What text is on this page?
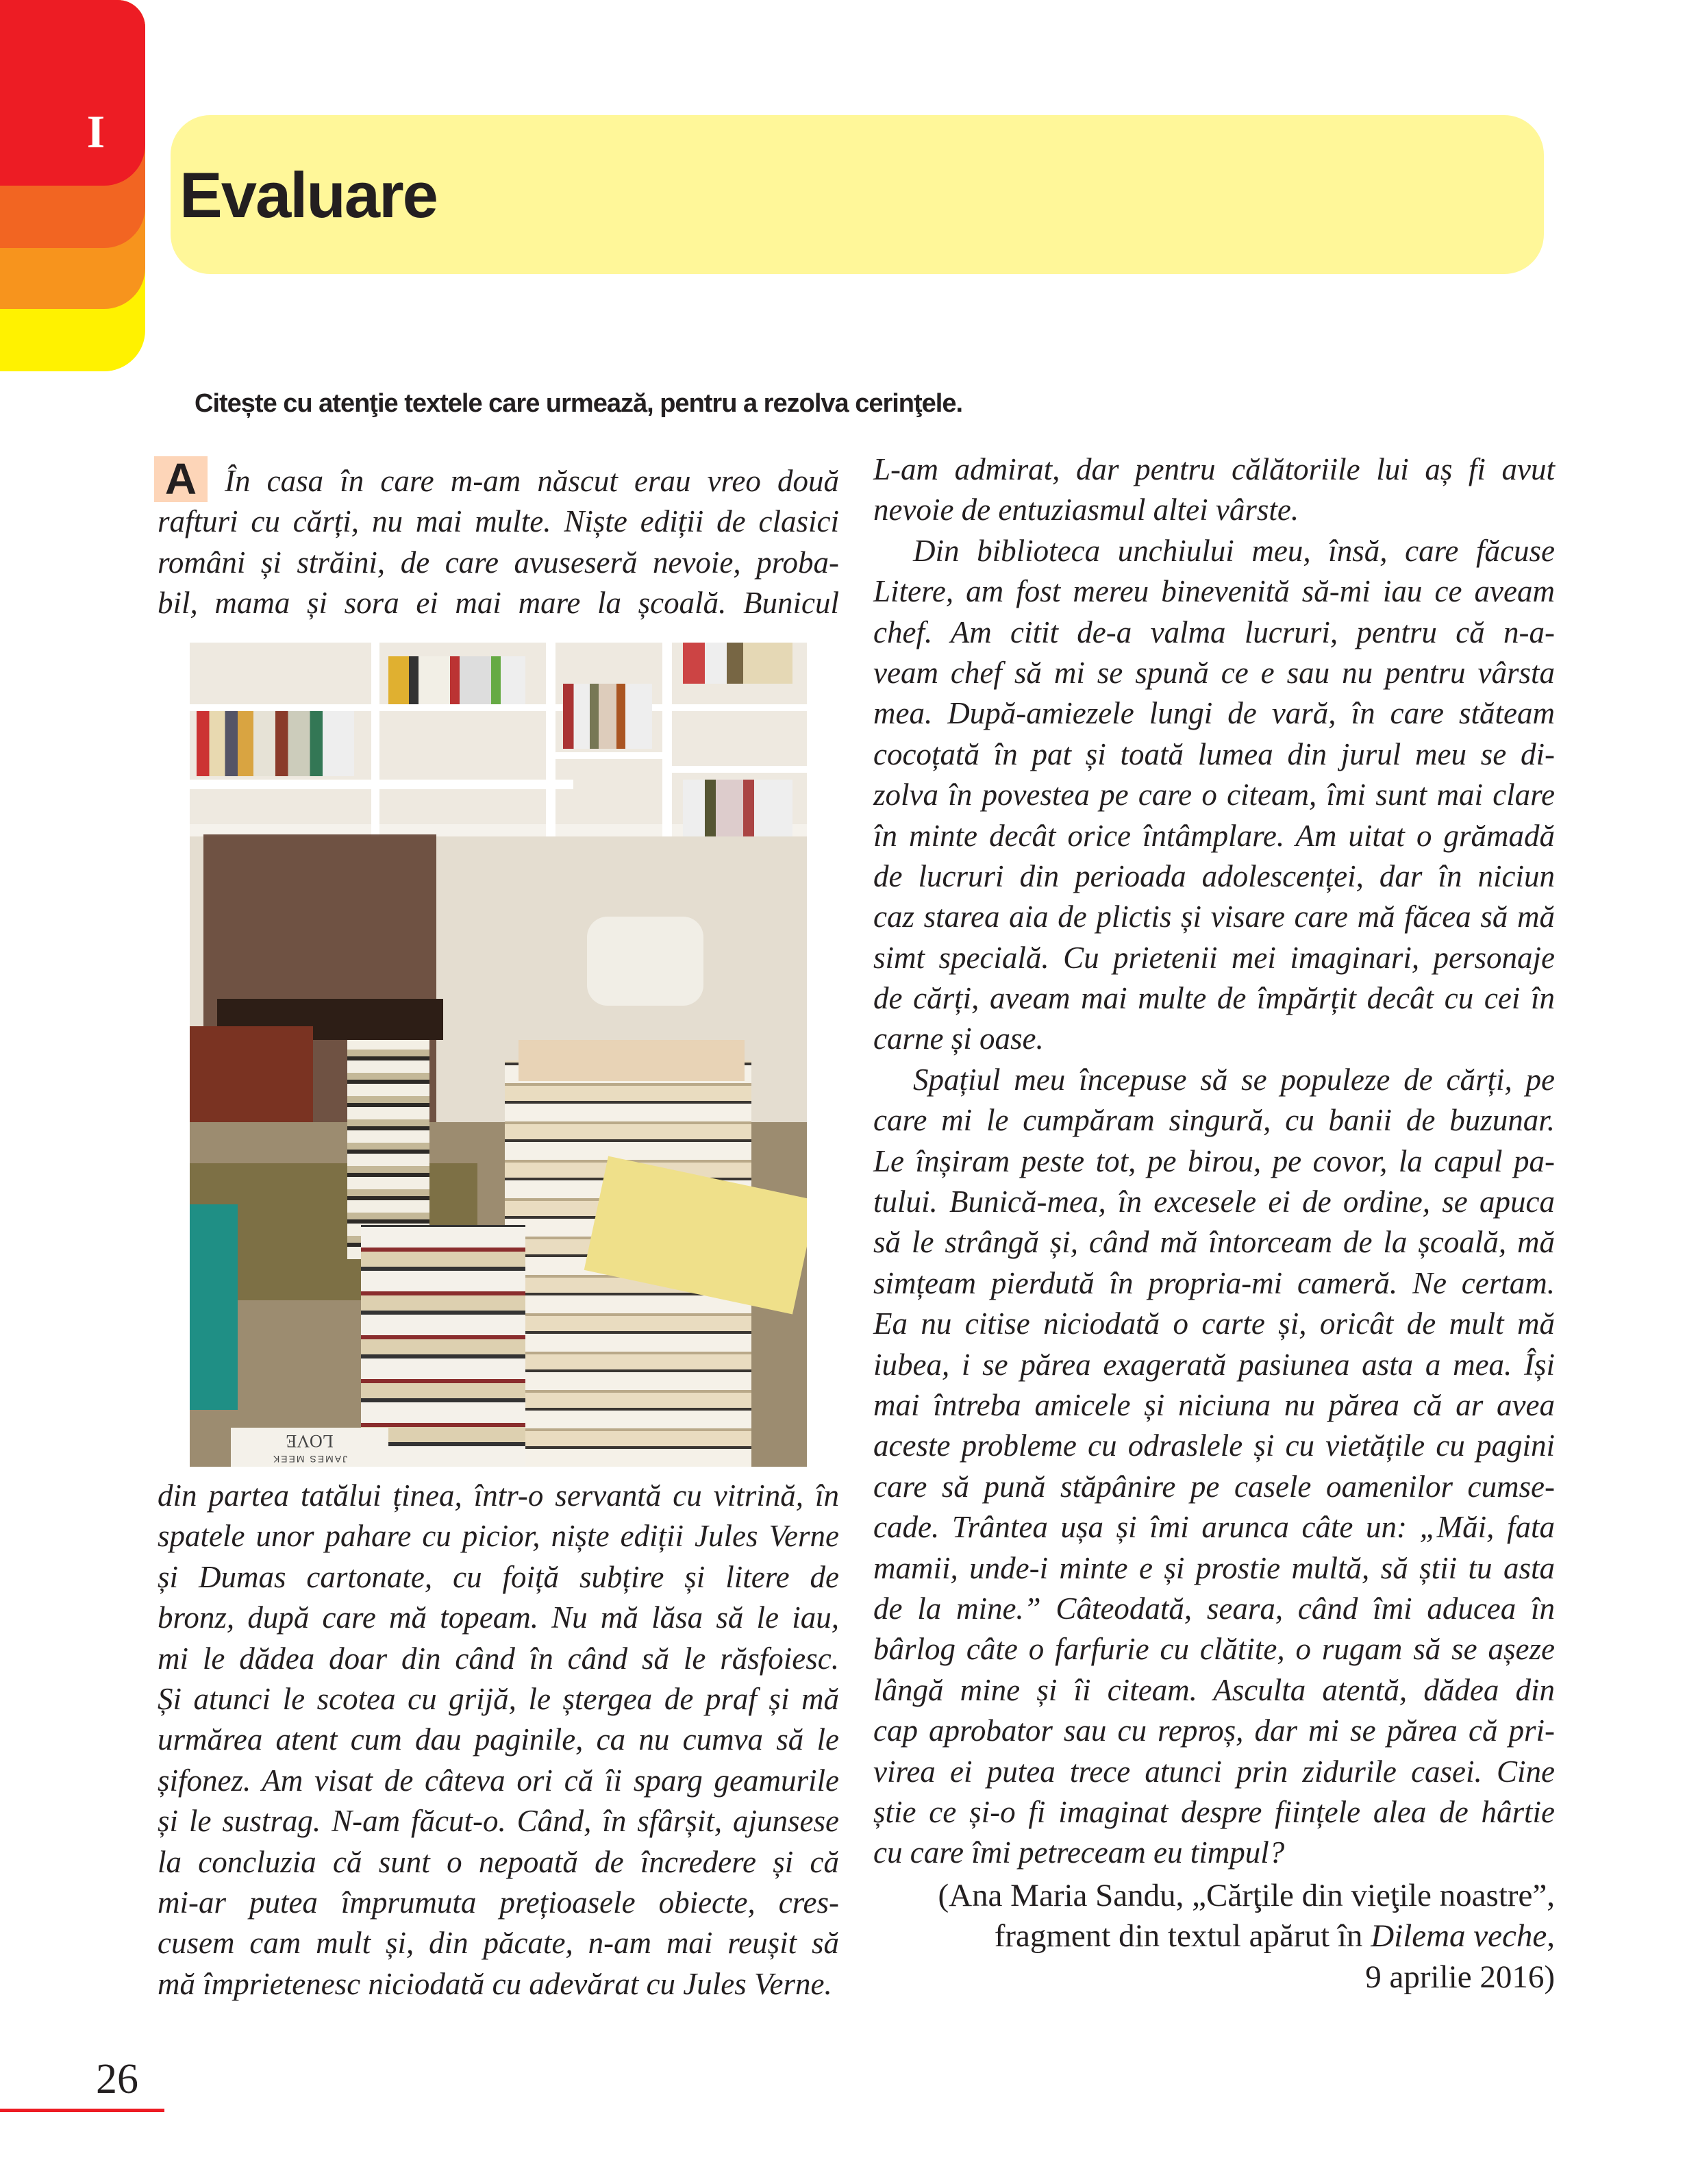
I
Evaluare
Citește cu atenţie textele care urmează, pentru a rezolva cerinţele.
A În casa în care m-am născut erau vreo două
rafturi cu cărți, nu mai multe. Niște ediții de clasici
români și străini, de care avuseseră nevoie, proba-
bil, mama și sora ei mai mare la școală. Bunicul
JAMES MEEK
LOVE
din partea tatălui ținea, într-o servantă cu vitrină, în
spatele unor pahare cu picior, niște ediții Jules Verne
și Dumas cartonate, cu foiță subțire și litere de
bronz, după care mă topeam. Nu mă lăsa să le iau,
mi le dădea doar din când în când să le răsfoiesc.
Și atunci le scotea cu grijă, le ștergea de praf și mă
urmărea atent cum dau paginile, ca nu cumva să le
șifonez. Am visat de câteva ori că îi sparg geamurile
și le sustrag. N-am făcut-o. Când, în sfârșit, ajunsese
la concluzia că sunt o nepoată de încredere și că
mi-ar putea împrumuta prețioasele obiecte, cres-
cusem cam mult și, din păcate, n-am mai reușit să
mă împrietenesc niciodată cu adevărat cu Jules Verne.
L-am admirat, dar pentru călătoriile lui aș fi avut
nevoie de entuziasmul altei vârste.
Din biblioteca unchiului meu, însă, care făcuse
Litere, am fost mereu binevenită să-mi iau ce aveam
chef. Am citit de-a valma lucruri, pentru că n-a-
veam chef să mi se spună ce e sau nu pentru vârsta
mea. După-amiezele lungi de vară, în care stăteam
cocoțată în pat și toată lumea din jurul meu se di-
zolva în povestea pe care o citeam, îmi sunt mai clare
în minte decât orice întâmplare. Am uitat o grămadă
de lucruri din perioada adolescenței, dar în niciun
caz starea aia de plictis și visare care mă făcea să mă
simt specială. Cu prietenii mei imaginari, personaje
de cărți, aveam mai multe de împărțit decât cu cei în
carne și oase.
Spațiul meu începuse să se populeze de cărți, pe
care mi le cumpăram singură, cu banii de buzunar.
Le înșiram peste tot, pe birou, pe covor, la capul pa-
tului. Bunică-mea, în excesele ei de ordine, se apuca
să le strângă și, când mă întorceam de la școală, mă
simțeam pierdută în propria-mi cameră. Ne certam.
Ea nu citise niciodată o carte și, oricât de mult mă
iubea, i se părea exagerată pasiunea asta a mea. Își
mai întreba amicele și niciuna nu părea că ar avea
aceste probleme cu odraslele și cu vietățile cu pagini
care să pună stăpânire pe casele oamenilor cumse-
cade. Trântea ușa și îmi arunca câte un: „Măi, fata
mamii, unde-i minte e și prostie multă, să știi tu asta
de la mine.” Câteodată, seara, când îmi aducea în
bârlog câte o farfurie cu clătite, o rugam să se așeze
lângă mine și îi citeam. Asculta atentă, dădea din
cap aprobator sau cu reproș, dar mi se părea că pri-
virea ei putea trece atunci prin zidurile casei. Cine
știe ce și-o fi imaginat despre ființele alea de hârtie
cu care îmi petreceam eu timpul?
(Ana Maria Sandu, „Cărţile din vieţile noastre”,
fragment din textul apărut în Dilema veche,
9 aprilie 2016)
26
